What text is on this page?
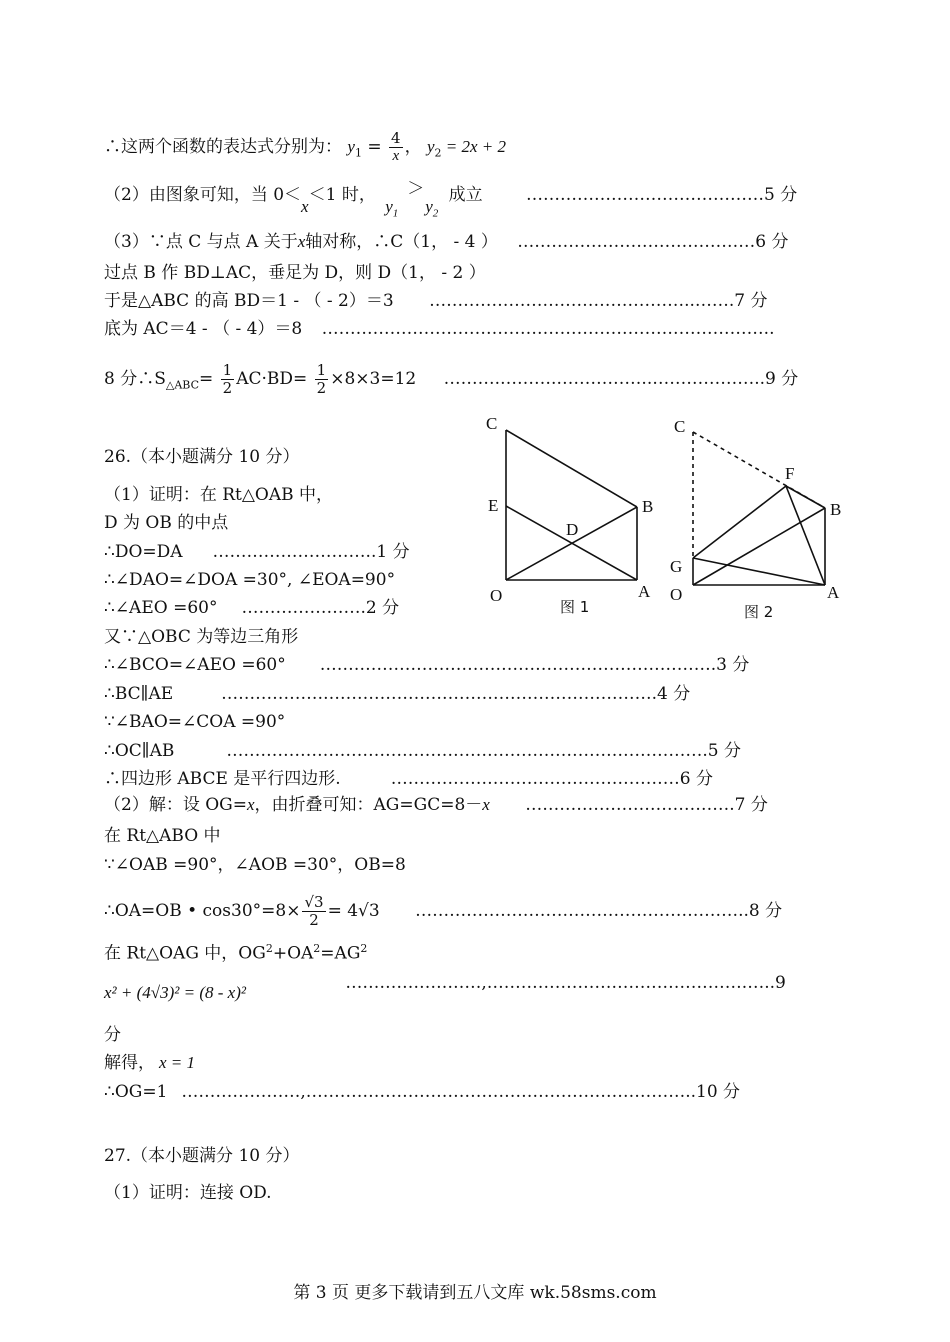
∴这两个函数的表达式分别为： $y_1 = \frac{4}{x}$ ， $y_2 = 2x + 2$
（2）由图象可知，当 0＜x＜1 时， ＞
$y_1$ $y_2$
成立	……………………………………5 分
（3）∵点 C 与点 A 关于x轴对称，∴C（1， - 4 ） ……………………………………6 分
过点 B 作 BD⊥AC，垂足为 D，则 D（1， - 2 ）
于是△ABC 的高 BD＝1 - （ - 2）＝3 ………………………………………..…….7 分
底为 AC＝4 - （ - 4）＝8 ……………………………………………………………………..
8 分$\therefore S_{\triangle ABC}= \frac{1}{2} AC\cdot BD= \frac{1}{2} \times 8\times 3=12$ ……….……….……………..………………..9 分
26.（本小题满分 10 分）
（1）证明：在 Rt△OAB 中，
D 为 OB 的中点
∴DO=DA ………………………..1 分
∴∠DAO=∠DOA =30°, ∠EOA=90°
∴∠AEO =60° ………………….2 分
又∵△OBC 为等边三角形
∴∠BCO=∠AEO =60° …………………………………………………………….3 分
∴BC∥AE	……………….………………………………………………….4 分
∵∠BAO=∠COA =90°
∴OC∥AB	………………………………………………………………………….5 分
∴四边形 ABCE 是平行四边形.	……………………………………………6 分
（2）解：设 OG=x，由折叠可知：AG=GC=8－x ……………………………….7 分
在 Rt△ABO 中
∵∠OAB =90°，∠AOB =30°，OB=8
∴OA=OB • $\cos 30^\circ=8\times \frac{√3}{2} = 4√3$ …………………………………………………..8 分
在 Rt△OAG 中，$OG^2+OA^2=AG^2$
x² + (4√3)² = (8 - x)²	……………………,……………………………………….…..9
分
解得， x = 1
∴OG=1 …………………,…………………………………………….……………..10 分
27.（本小题满分 10 分）
（1）证明：连接 OD.
C
E	B
D
O	A
图 1
C
F
B
G
O	A
图 2
第 3 页 更多下载请到五八文库 wk.58sms.com
